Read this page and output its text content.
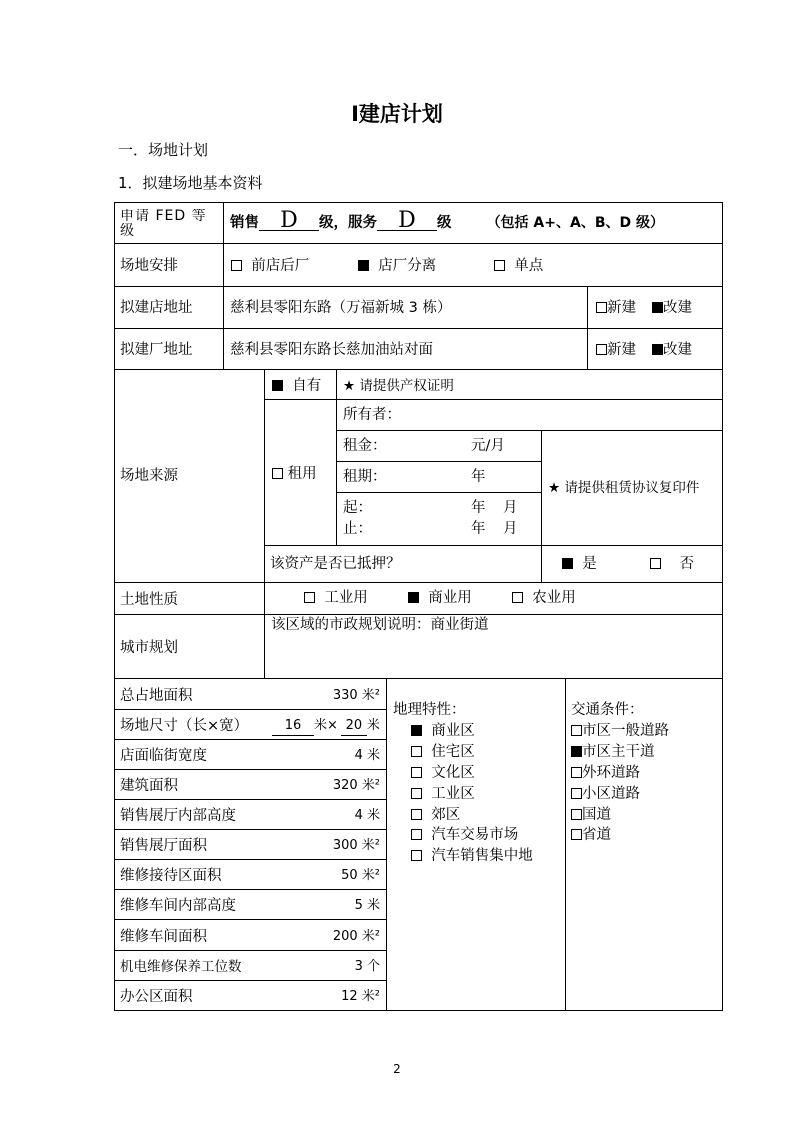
Ⅰ建店计划
一．场地计划
1．拟建场地基本资料
申请 FED 等级	销售 D 级，服务 D 级	（包括 A+、A、B、D 级）
场地安排	前店后厂	店厂分离	单点
拟建店地址	慈利县零阳东路（万福新城 3 栋）	新建	改建
拟建厂地址	慈利县零阳东路长慈加油站对面	新建	改建
场地来源
自有 ★ 请提供产权证明
租用
所有者：
租金：	元/月
租期：	年
起：	年 月
止：	年 月
★ 请提供租赁协议复印件
该资产是否已抵押？	是	否
土地性质	工业用	商业用	农业用
城市规划
该区域的市政规划说明：商业街道
总占地面积	330 米²
场地尺寸（长×宽）	16 米× 20 米
店面临街宽度	4 米
建筑面积	320 米²
销售展厅内部高度	4 米
销售展厅面积	300 米²
维修接待区面积	50 米²
维修车间内部高度	5 米
维修车间面积	200 米²
机电维修保养工位数	3 个
办公区面积	12 米²
地理特性：
商业区
住宅区
文化区
工业区
郊区
汽车交易市场
汽车销售集中地
交通条件：
市区一般道路
市区主干道
外环道路
小区道路
国道
省道
2
